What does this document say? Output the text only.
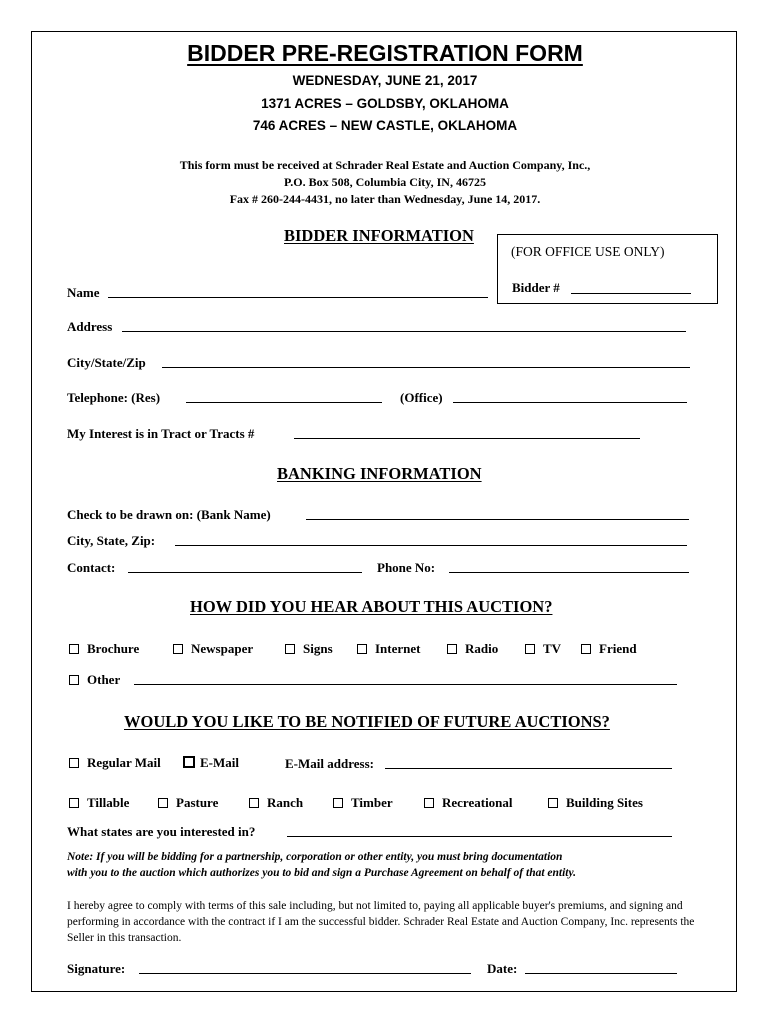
BIDDER PRE-REGISTRATION FORM
WEDNESDAY, JUNE 21, 2017
1371 ACRES – GOLDSBY, OKLAHOMA
746 ACRES – NEW CASTLE, OKLAHOMA
This form must be received at Schrader Real Estate and Auction Company, Inc.,
P.O. Box 508, Columbia City, IN, 46725
Fax # 260-244-4431, no later than Wednesday, June 14, 2017.
BIDDER INFORMATION
(FOR OFFICE USE ONLY)
Bidder #
Name
Address
City/State/Zip
Telephone: (Res)	(Office)
My Interest is in Tract or Tracts #
BANKING INFORMATION
Check to be drawn on: (Bank Name)
City, State, Zip:
Contact:	Phone No:
HOW DID YOU HEAR ABOUT THIS AUCTION?
Brochure	Newspaper	Signs	Internet	Radio	TV	Friend
Other
WOULD YOU LIKE TO BE NOTIFIED OF FUTURE AUCTIONS?
Regular Mail	E-Mail	E-Mail address:
Tillable	Pasture	Ranch	Timber	Recreational	Building Sites
What states are you interested in?
Note: If you will be bidding for a partnership, corporation or other entity, you must bring documentation
with you to the auction which authorizes you to bid and sign a Purchase Agreement on behalf of that entity.
I hereby agree to comply with terms of this sale including, but not limited to, paying all applicable buyer's premiums, and signing and performing in accordance with the contract if I am the successful bidder. Schrader Real Estate and Auction Company, Inc. represents the Seller in this transaction.
Signature:	Date:
